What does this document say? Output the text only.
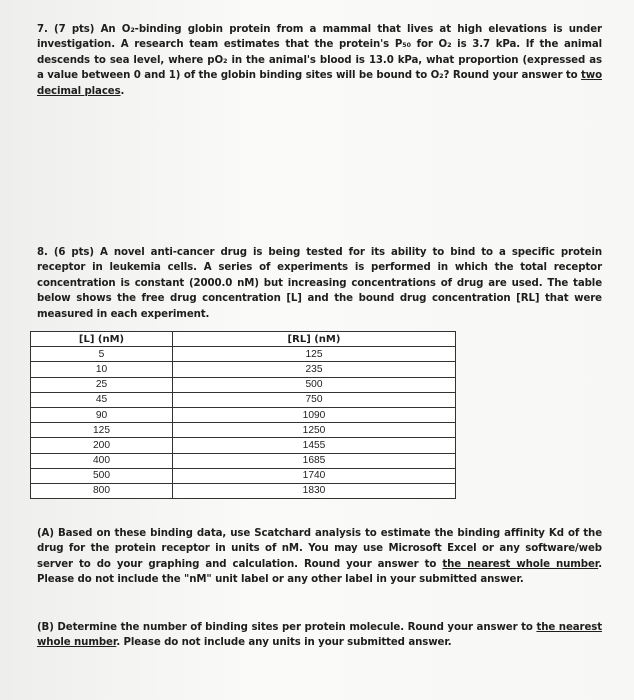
7. (7 pts) An O₂-binding globin protein from a mammal that lives at high elevations is under investigation. A research team estimates that the protein's P₅₀ for O₂ is 3.7 kPa. If the animal descends to sea level, where pO₂ in the animal's blood is 13.0 kPa, what proportion (expressed as a value between 0 and 1) of the globin binding sites will be bound to O₂? Round your answer to two decimal places.
8. (6 pts) A novel anti-cancer drug is being tested for its ability to bind to a specific protein receptor in leukemia cells. A series of experiments is performed in which the total receptor concentration is constant (2000.0 nM) but increasing concentrations of drug are used. The table below shows the free drug concentration [L] and the bound drug concentration [RL] that were measured in each experiment.
[L] (nM)	[RL] (nM)
5	125
10	235
25	500
45	750
90	1090
125	1250
200	1455
400	1685
500	1740
800	1830
(A) Based on these binding data, use Scatchard analysis to estimate the binding affinity Kd of the drug for the protein receptor in units of nM. You may use Microsoft Excel or any software/web server to do your graphing and calculation. Round your answer to the nearest whole number. Please do not include the "nM" unit label or any other label in your submitted answer.
(B) Determine the number of binding sites per protein molecule. Round your answer to the nearest whole number. Please do not include any units in your submitted answer.
